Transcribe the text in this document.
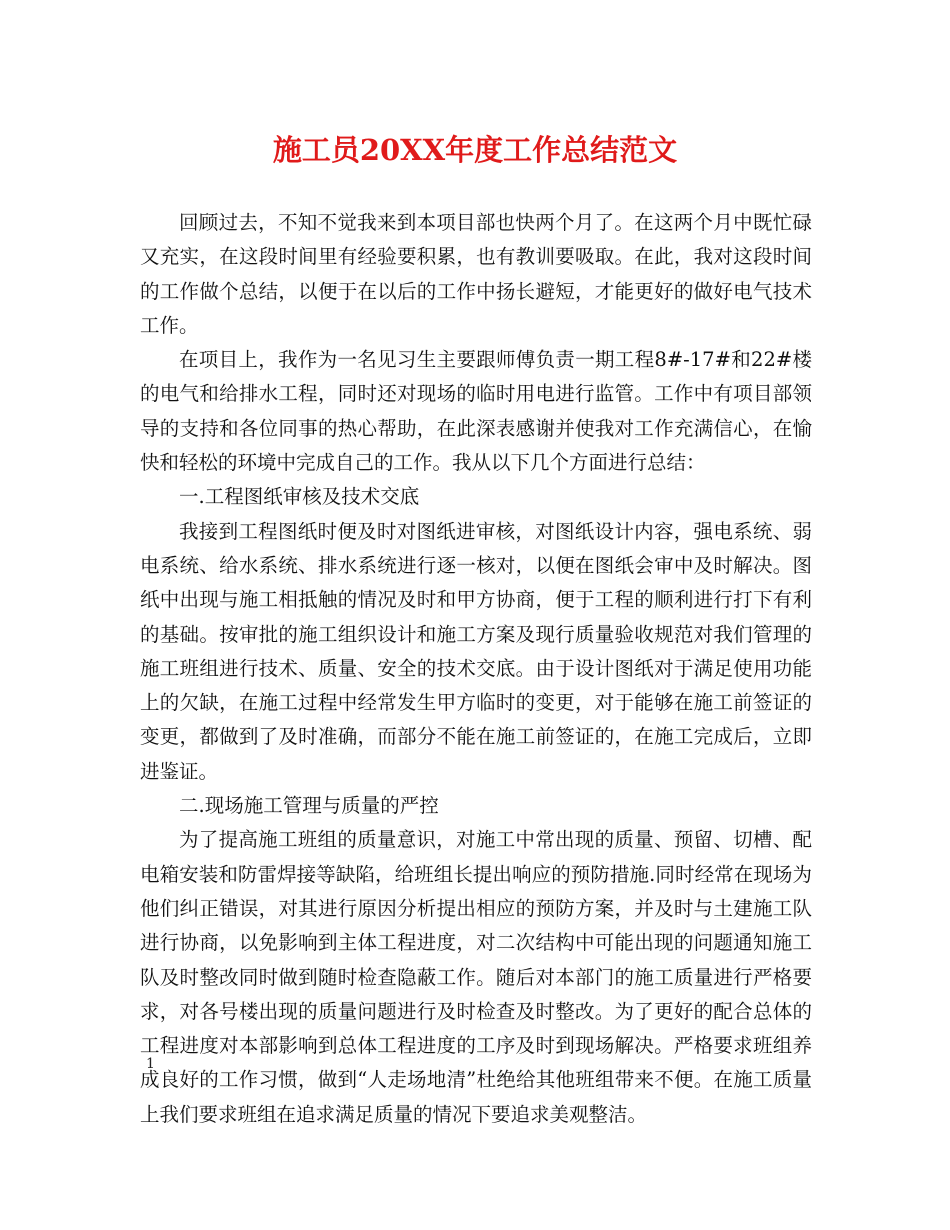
施工员20XX年度工作总结范文

回顾过去，不知不觉我来到本项目部也快两个月了。在这两个月中既忙碌又充实，在这段时间里有经验要积累，也有教训要吸取。在此，我对这段时间的工作做个总结，以便于在以后的工作中扬长避短，才能更好的做好电气技术工作。

在项目上，我作为一名见习生主要跟师傅负责一期工程8#-17#和22#楼的电气和给排水工程，同时还对现场的临时用电进行监管。工作中有项目部领导的支持和各位同事的热心帮助，在此深表感谢并使我对工作充满信心，在愉快和轻松的环境中完成自己的工作。我从以下几个方面进行总结：

一.工程图纸审核及技术交底

我接到工程图纸时便及时对图纸进审核，对图纸设计内容，强电系统、弱电系统、给水系统、排水系统进行逐一核对，以便在图纸会审中及时解决。图纸中出现与施工相抵触的情况及时和甲方协商，便于工程的顺利进行打下有利的基础。按审批的施工组织设计和施工方案及现行质量验收规范对我们管理的施工班组进行技术、质量、安全的技术交底。由于设计图纸对于满足使用功能上的欠缺，在施工过程中经常发生甲方临时的变更，对于能够在施工前签证的变更，都做到了及时准确，而部分不能在施工前签证的，在施工完成后，立即进鉴证。

二.现场施工管理与质量的严控

为了提高施工班组的质量意识，对施工中常出现的质量、预留、切槽、配电箱安装和防雷焊接等缺陷，给班组长提出响应的预防措施.同时经常在现场为他们纠正错误，对其进行原因分析提出相应的预防方案，并及时与土建施工队进行协商，以免影响到主体工程进度，对二次结构中可能出现的问题通知施工队及时整改同时做到随时检查隐蔽工作。随后对本部门的施工质量进行严格要求，对各号楼出现的质量问题进行及时检查及时整改。为了更好的配合总体的工程进度对本部影响到总体工程进度的工序及时到现场解决。严格要求班组养成良好的工作习惯，做到“人走场地清”杜绝给其他班组带来不便。在施工质量上我们要求班组在追求满足质量的情况下要追求美观整洁。

1
